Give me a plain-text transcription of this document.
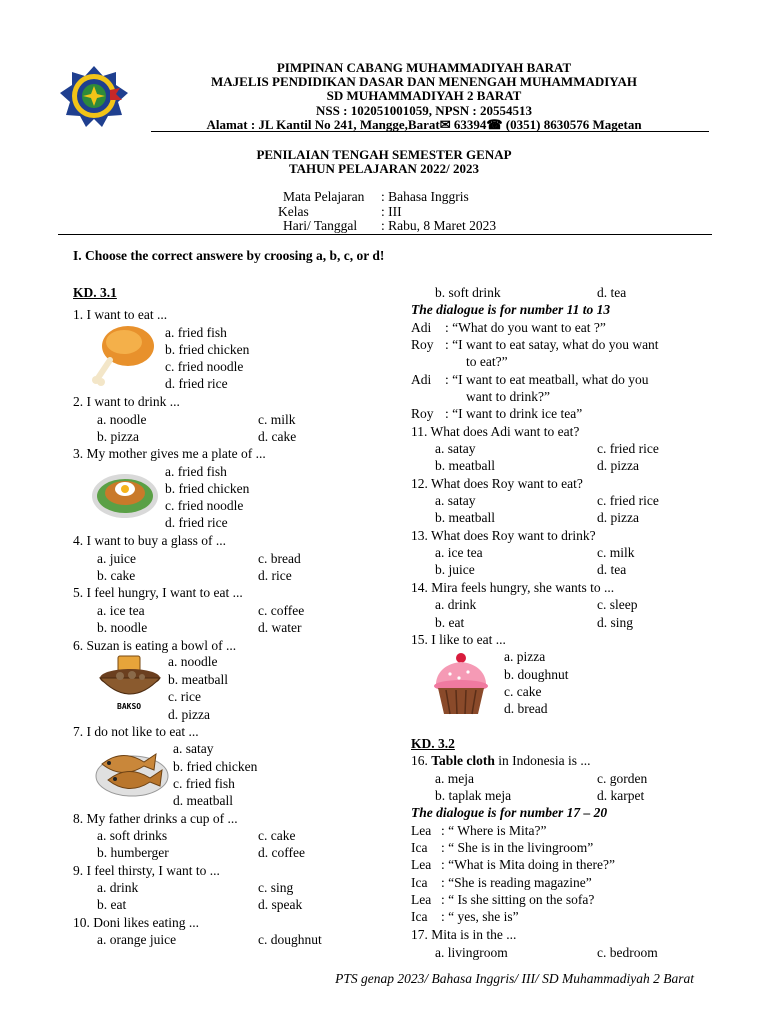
PIMPINAN CABANG MUHAMMADIYAH BARAT
MAJELIS PENDIDIKAN DASAR DAN MENENGAH MUHAMMADIYAH
SD MUHAMMADIYAH 2 BARAT
NSS : 102051001059, NPSN : 20554513
Alamat : JL Kantil No 241, Mangge,Barat✉ 63394☎ (0351) 8630576 Magetan
PENILAIAN TENGAH SEMESTER GENAP
TAHUN PELAJARAN 2022/ 2023
Mata Pelajaran : Bahasa Inggris
Kelas	: III
Hari/ Tanggal : Rabu, 8 Maret 2023
I. Choose the correct answere by croosing a, b, c, or d!
KD. 3.1
1. I want to eat ...
a. fried fish
b. fried chicken
c. fried noodle
d. fried rice
2. I want to drink ...
a. noodle	c. milk
b. pizza	d. cake
3. My mother gives me a plate of ...
a. fried fish
b. fried chicken
c. fried noodle
d. fried rice
4. I want to buy a glass of ...
a. juice	c. bread
b. cake	d. rice
5. I feel hungry, I want to eat ...
a. ice tea	c. coffee
b. noodle	d. water
6. Suzan is eating a bowl of ...
BAKSO
a. noodle
b. meatball
c. rice
d. pizza
7. I do not like to eat ...
a. satay
b. fried chicken
c. fried fish
d. meatball
8. My father drinks a cup of ...
a. soft drinks	c. cake
b. humberger	d. coffee
9. I feel thirsty, I want to ...
a. drink	c. sing
b. eat	d. speak
10. Doni likes eating ...
a. orange juice	c. doughnut
b. soft drink	d. tea
The dialogue is for number 11 to 13
Adi : “What do you want to eat ?”
Roy : “I want to eat satay, what do you want
to eat?”
Adi : “I want to eat meatball, what do you
want to drink?”
Roy : “I want to drink ice tea”
11. What does Adi want to eat?
a. satay	c. fried rice
b. meatball	d. pizza
12. What does Roy want to eat?
a. satay	c. fried rice
b. meatball	d. pizza
13. What does Roy want to drink?
a. ice tea	c. milk
b. juice	d. tea
14. Mira feels hungry, she wants to ...
a. drink	c. sleep
b. eat	d. sing
15. I like to eat ...
a. pizza
b. doughnut
c. cake
d. bread
KD. 3.2
16. Table cloth in Indonesia is ...
a. meja	c. gorden
b. taplak meja	d. karpet
The dialogue is for number 17 – 20
Lea : “ Where is Mita?”
Ica : “ She is in the livingroom”
Lea : “What is Mita doing in there?”
Ica : “She is reading magazine”
Lea : “ Is she sitting on the sofa?
Ica : “ yes, she is”
17. Mita is in the ...
a. livingroom	c. bedroom
PTS genap 2023/ Bahasa Inggris/ III/ SD Muhammadiyah 2 Barat
